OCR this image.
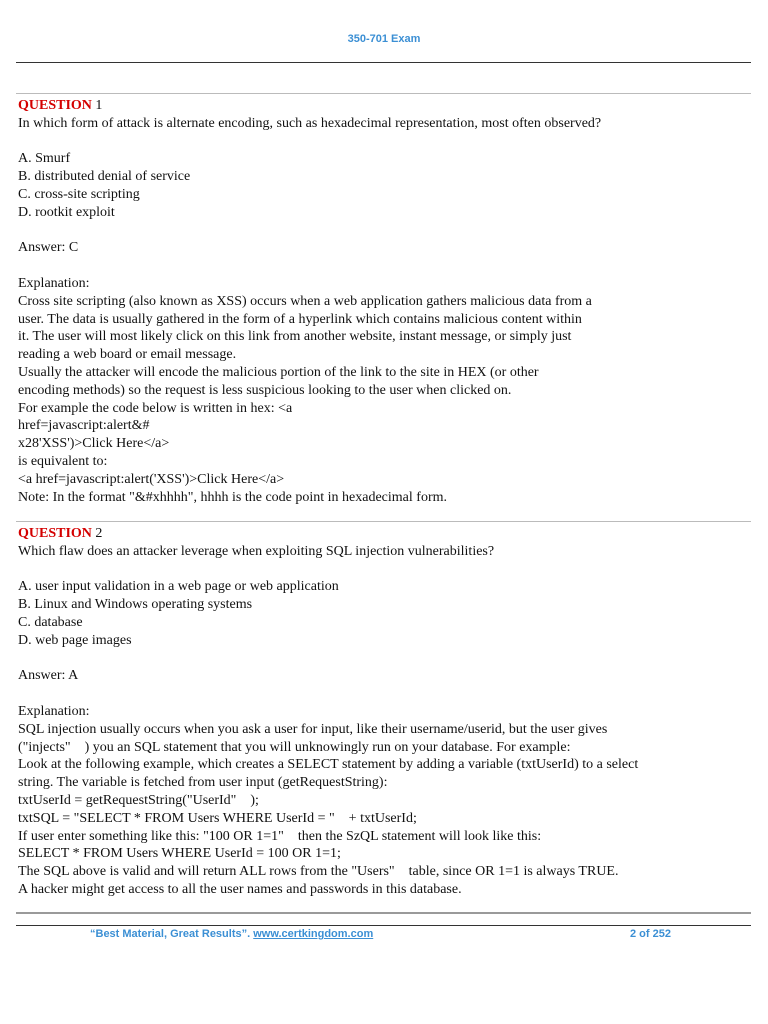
350-701 Exam
QUESTION 1
In which form of attack is alternate encoding, such as hexadecimal representation, most often observed?
A. Smurf
B. distributed denial of service
C. cross-site scripting
D. rootkit exploit
Answer: C
Explanation:
Cross site scripting (also known as XSS) occurs when a web application gathers malicious data from a
user. The data is usually gathered in the form of a hyperlink which contains malicious content within
it. The user will most likely click on this link from another website, instant message, or simply just
reading a web board or email message.
Usually the attacker will encode the malicious portion of the link to the site in HEX (or other
encoding methods) so the request is less suspicious looking to the user when clicked on.
For example the code below is written in hex: <a
href=javascript:alert&#
x28'XSS')>Click Here</a>
is equivalent to:
<a href=javascript:alert('XSS')>Click Here</a>
Note: In the format "&#xhhhh", hhhh is the code point in hexadecimal form.
QUESTION 2
Which flaw does an attacker leverage when exploiting SQL injection vulnerabilities?
A. user input validation in a web page or web application
B. Linux and Windows operating systems
C. database
D. web page images
Answer: A
Explanation:
SQL injection usually occurs when you ask a user for input, like their username/userid, but the user gives
("injects"    ) you an SQL statement that you will unknowingly run on your database. For example:
Look at the following example, which creates a SELECT statement by adding a variable (txtUserId) to a select
string. The variable is fetched from user input (getRequestString):
txtUserId = getRequestString("UserId"    );
txtSQL = "SELECT * FROM Users WHERE UserId = "    + txtUserId;
If user enter something like this: "100 OR 1=1"    then the SzQL statement will look like this:
SELECT * FROM Users WHERE UserId = 100 OR 1=1;
The SQL above is valid and will return ALL rows from the "Users"    table, since OR 1=1 is always TRUE.
A hacker might get access to all the user names and passwords in this database.
“Best Material, Great Results”. www.certkingdom.com	2 of 252
